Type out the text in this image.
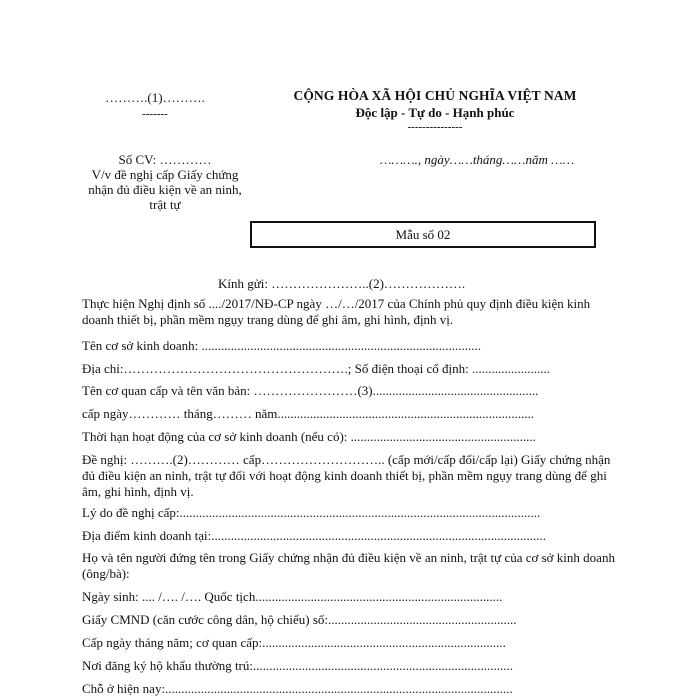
……….(1)……….
-------
CỘNG HÒA XÃ HỘI CHỦ NGHĨA VIỆT NAM
Độc lập - Tự do - Hạnh phúc
---------------
Số CV: …………
V/v đề nghị cấp Giấy chứng nhận đủ điều kiện về an ninh, trật tự
………., ngày……tháng……năm ……
Mẫu số 02
Kính gửi: …………………..(2)……………….
Thực hiện Nghị định số ..../2017/NĐ-CP ngày …/…/2017 của Chính phủ quy định điều kiện kinh doanh thiết bị, phần mềm ngụy trang dùng để ghi âm, ghi hình, định vị.
Tên cơ sở kinh doanh: ......................................................................................
Địa chỉ:…………………………………………….; Số điện thoại cố định: ........................
Tên cơ quan cấp và tên văn bản: ……………………(3)...................................................
cấp ngày………… tháng……… năm...............................................................................
Thời hạn hoạt động của cơ sở kinh doanh (nếu có): .........................................................
Đề nghị: ……….(2)………… cấp……………………….. (cấp mới/cấp đổi/cấp lại) Giấy chứng nhận đủ điều kiện an ninh, trật tự đối với hoạt động kinh doanh thiết bị, phần mềm ngụy trang dùng để ghi âm, ghi hình, định vị.
Lý do đề nghị cấp:...............................................................................................................
Địa điểm kinh doanh tại:.......................................................................................................
Họ và tên người đứng tên trong Giấy chứng nhận đủ điều kiện về an ninh, trật tự của cơ sở kinh doanh (ông/bà):
Ngày sinh: .... /…. /…. Quốc tịch............................................................................
Giấy CMND (căn cước công dân, hộ chiếu) số:..........................................................
Cấp ngày tháng năm; cơ quan cấp:...........................................................................
Nơi đăng ký hộ khẩu thường trú:................................................................................
Chỗ ở hiện nay:...........................................................................................................
